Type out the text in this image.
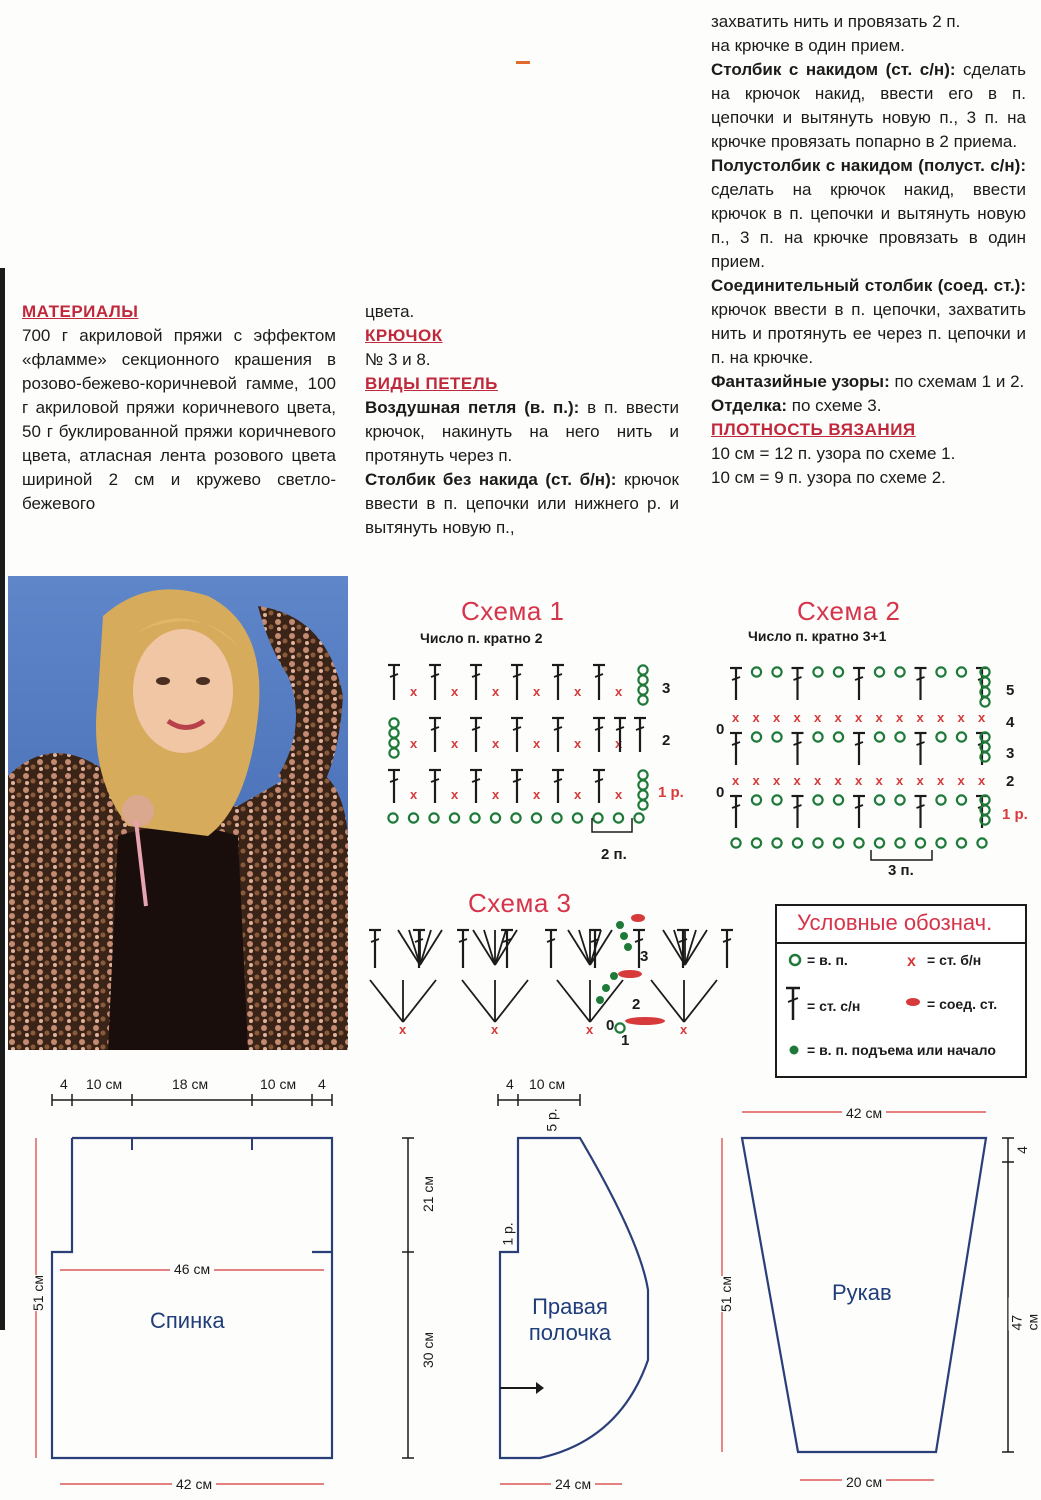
захватить нить и провязать 2 п.

на крючке в один прием.

Столбик с накидом (ст. с/н): сделать на крючок накид, ввести его в п. цепочки и вытянуть новую п., 3 п. на крючке провязать попарно в 2 приема.

Полустолбик с накидом (полуст. с/н): сделать на крючок накид, ввести крючок в п. цепочки и вытянуть новую п., 3 п. на крючке провязать в один прием.

Соединительный столбик (соед. ст.): крючок ввести в п. цепочки, захватить нить и протянуть ее через п. цепочки и п. на крючке.

Фантазийные узоры: по схемам 1 и 2.

Отделка: по схеме 3.

ПЛОТНОСТЬ ВЯЗАНИЯ

10 см = 12 п. узора по схеме 1.

10 см = 9 п. узора по схеме 2.

МАТЕРИАЛЫ

700 г акриловой пряжи с эффектом «фламме» секционного крашения в розово-бежево-коричневой гамме, 100 г акриловой пряжи коричневого цвета, 50 г буклированной пряжи коричневого цвета, атласная лента розового цвета шириной 2 см и кружево светло-бежевого

цвета.

КРЮЧОК

№ 3 и 8.

ВИДЫ ПЕТЕЛЬ

Воздушная петля (в. п.): в п. ввести крючок, накинуть на него нить и протянуть через п.

Столбик без накида (ст. б/н): крючок ввести в п. цепочки или нижнего р. и вытянуть новую п.,

Схема 1
Число п. кратно 2
Схема 2
Число п. кратно 3+1
Схема 3
3
2
1 р.
2 п.
5
4
3
2
1 р.
0
0
3 п.
3
2
1
0
Условные обознач.
x
= в. п.	= ст. б/н
= ст. с/н	= соед. ст.
= в. п. подъема или начало
x	x	x	x	x	x
x	x	x	x	x	x
x	x	x	x	x	x
x x x x x x x x x x x x x
x x x x x x x x x x x x x
x	x	x	x
4 10 см	18 см	10 см 4
46 см
42 см
51 см
Спинка
4 10 см
5 р.
1 р.
21 см
30 см
24 см
Правая
полочка
42 см
20 см
51 см
47 см
4
Рукав
